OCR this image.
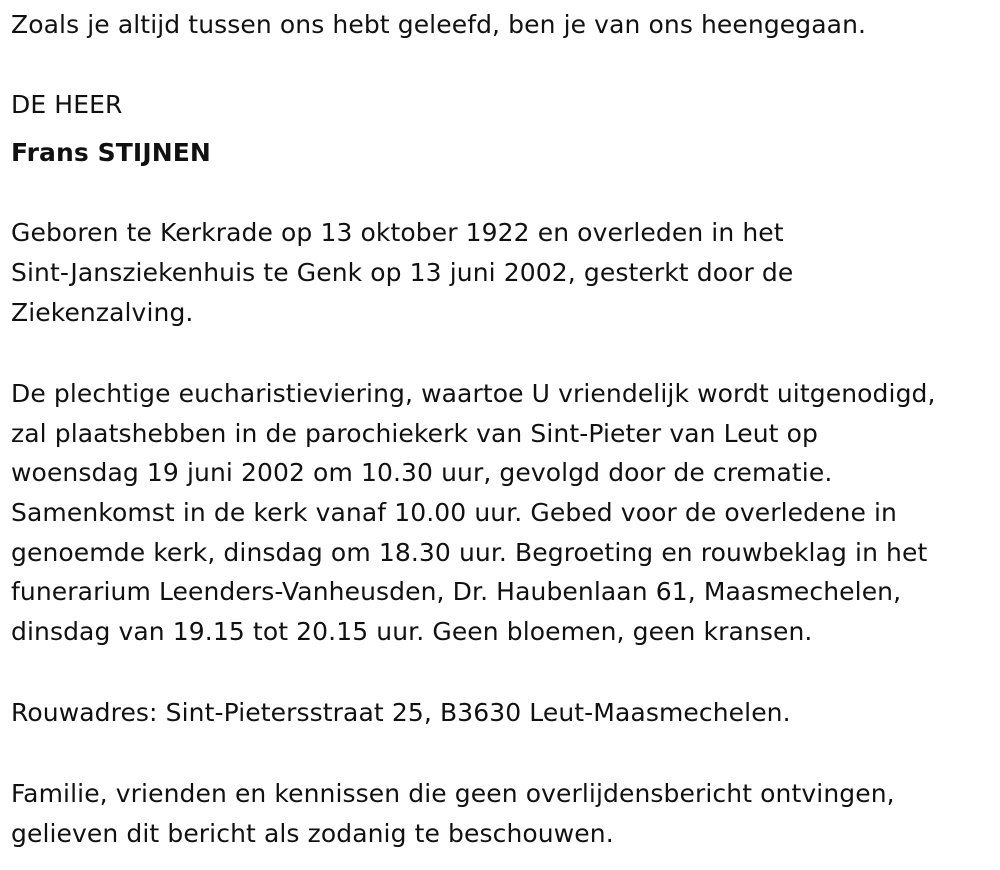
Zoals je altijd tussen ons hebt geleefd, ben je van ons heengegaan.
DE HEER
Frans STIJNEN
Geboren te Kerkrade op 13 oktober 1922 en overleden in het
Sint-Jansziekenhuis te Genk op 13 juni 2002, gesterkt door de
Ziekenzalving.
De plechtige eucharistieviering, waartoe U vriendelijk wordt uitgenodigd,
zal plaatshebben in de parochiekerk van Sint-Pieter van Leut op
woensdag 19 juni 2002 om 10.30 uur, gevolgd door de crematie.
Samenkomst in de kerk vanaf 10.00 uur. Gebed voor de overledene in
genoemde kerk, dinsdag om 18.30 uur. Begroeting en rouwbeklag in het
funerarium Leenders-Vanheusden, Dr. Haubenlaan 61, Maasmechelen,
dinsdag van 19.15 tot 20.15 uur. Geen bloemen, geen kransen.
Rouwadres: Sint-Pietersstraat 25, B3630 Leut-Maasmechelen.
Familie, vrienden en kennissen die geen overlijdensbericht ontvingen,
gelieven dit bericht als zodanig te beschouwen.
